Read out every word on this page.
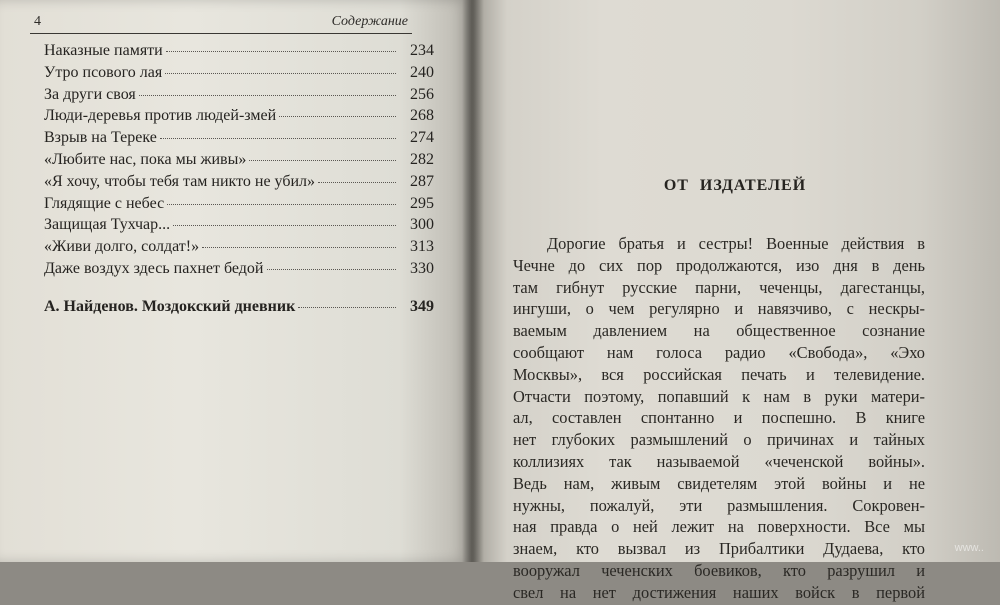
4	Содержание
Наказные памяти	234
Утро псового лая	240
За други своя	256
Люди-деревья против людей-змей	268
Взрыв на Тереке	274
«Любите нас, пока мы живы»	282
«Я хочу, чтобы тебя там никто не убил»	287
Глядящие с небес	295
Защищая Тухчар...	300
«Живи долго, солдат!»	313
Даже воздух здесь пахнет бедой	330
А. Найденов. Моздокский дневник	349
ОТ ИЗДАТЕЛЕЙ
Дорогие братья и сестры! Военные действия в
Чечне до сих пор продолжаются, изо дня в день
там гибнут русские парни, чеченцы, дагестанцы,
ингуши, о чем регулярно и навязчиво, с нескры-
ваемым давлением на общественное сознание
сообщают нам голоса радио «Свобода», «Эхо
Москвы», вся российская печать и телевидение.
Отчасти поэтому, попавший к нам в руки матери-
ал, составлен спонтанно и поспешно. В книге
нет глубоких размышлений о причинах и тайных
коллизиях так называемой «чеченской войны».
Ведь нам, живым свидетелям этой войны и не
нужны, пожалуй, эти размышления. Сокровен-
ная правда о ней лежит на поверхности. Все мы
знаем, кто вызвал из Прибалтики Дудаева, кто
вооружал чеченских боевиков, кто разрушил и
свел на нет достижения наших войск в первой
www..
